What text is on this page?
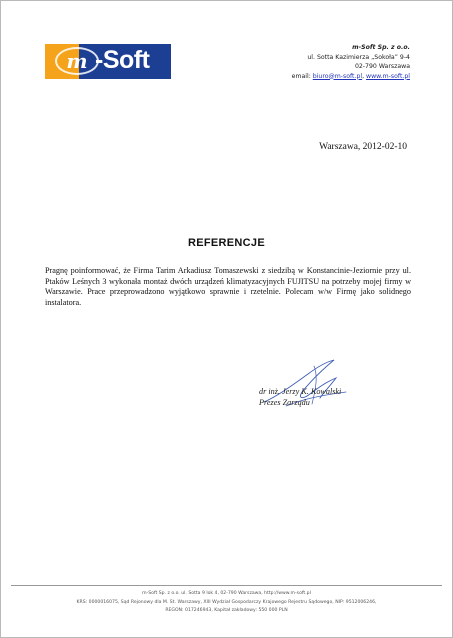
m -Soft	m-Soft Sp. z o.o.
ul. Sotta Kazimierza „Sokoła” 9-4
02-790 Warszawa
email: biuro@m-soft.pl, www.m-soft.pl
Warszawa, 2012-02-10
REFERENCJE

Pragnę poinformować, że Firma Tarim Arkadiusz Tomaszewski z siedzibą w Konstancinie-Jeziornie przy ul. Ptaków Leśnych 3 wykonała montaż dwóch urządzeń klimatyzacyjnych FUJITSU na potrzeby mojej firmy w Warszawie. Prace przeprowadzono wyjątkowo sprawnie i rzetelnie. Polecam w/w Firmę jako solidnego instalatora.

dr inż. Jerzy K. Kowalski
Prezes Zarządu
m-Soft Sp. z o.o. ul. Sotta 9 lok 4, 02-790 Warszawa, http://www.m-soft.pl
KRS: 0000016075, Sąd Rejonowy dla M. St. Warszawy, XIII Wydział Gospodarczy Krajowego Rejestru Sądowego, NIP: 9512006246,
REGON: 017246943, Kapitał zakładowy: 550 000 PLN
